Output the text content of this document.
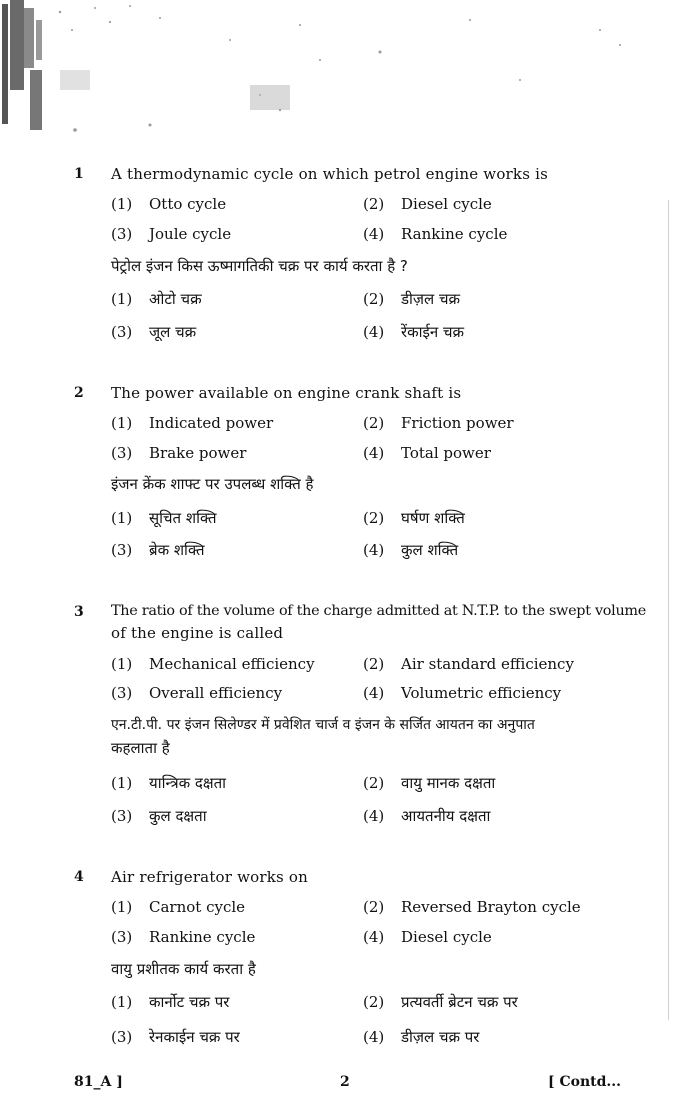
1 A thermodynamic cycle on which petrol engine works is
(1) Otto cycle	(2) Diesel cycle
(3) Joule cycle	(4) Rankine cycle
पेट्रोल इंजन किस ऊष्मागतिकी चक्र पर कार्य करता है ?
(1) ओटो चक्र	(2) डीज़ल चक्र
(3) जूल चक्र	(4) रेंकाईन चक्र
2 The power available on engine crank shaft is
(1) Indicated power	(2) Friction power
(3) Brake power	(4) Total power
इंजन क्रेंक शाफ्ट पर उपलब्ध शक्ति है
(1) सूचित शक्ति	(2) घर्षण शक्ति
(3) ब्रेक शक्ति	(4) कुल शक्ति
3 The ratio of the volume of the charge admitted at N.T.P. to the swept volume
of the engine is called
(1) Mechanical efficiency	(2) Air standard efficiency
(3) Overall efficiency	(4) Volumetric efficiency
एन.टी.पी. पर इंजन सिलेण्डर में प्रवेशित चार्ज व इंजन के सर्जित आयतन का अनुपात
कहलाता है
(1) यान्त्रिक दक्षता	(2) वायु मानक दक्षता
(3) कुल दक्षता	(4) आयतनीय दक्षता
4 Air refrigerator works on
(1) Carnot cycle	(2) Reversed Brayton cycle
(3) Rankine cycle	(4) Diesel cycle
वायु प्रशीतक कार्य करता है
(1) कार्नोट चक्र पर	(2) प्रत्यवर्ती ब्रेटन चक्र पर
(3) रेनकाईन चक्र पर	(4) डीज़ल चक्र पर
81_A ]	2	[ Contd...
